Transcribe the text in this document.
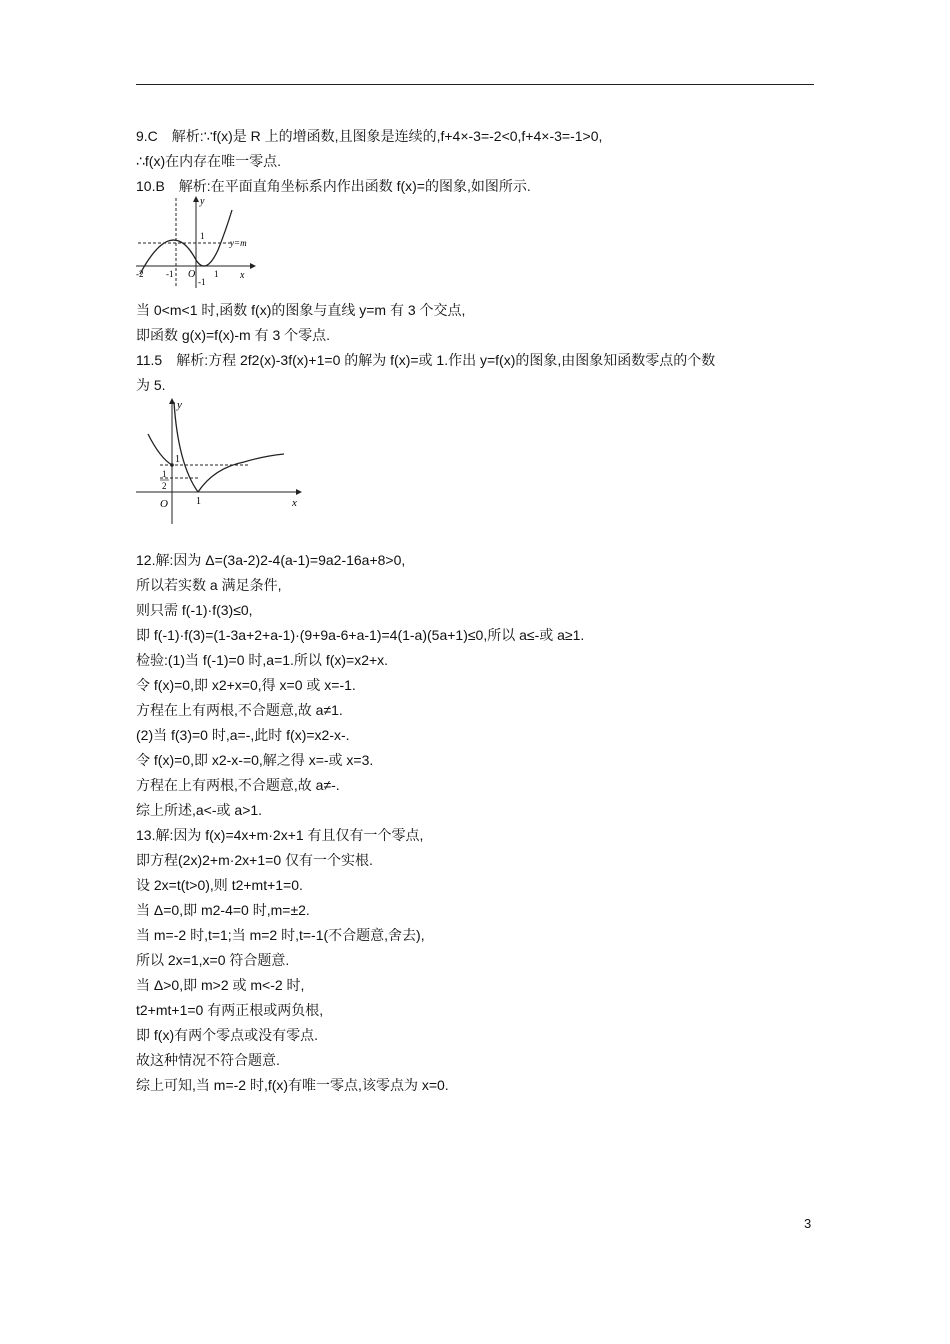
9.C　解析:∵f(x)是 R 上的增函数,且图象是连续的,f+4×-3=-2<0,f+4×-3=-1>0,
∴f(x)在内存在唯一零点.
10.B　解析:在平面直角坐标系内作出函数 f(x)=的图象,如图所示.
y
x
O
1
-1
-2	-1	1
y=m
当 0<m<1 时,函数 f(x)的图象与直线 y=m 有 3 个交点,
即函数 g(x)=f(x)-m 有 3 个零点.
11.5　解析:方程 2f2(x)-3f(x)+1=0 的解为 f(x)=或 1.作出 y=f(x)的图象,由图象知函数零点的个数
为 5.
y
x
O
1
1
2
1
12.解:因为 Δ=(3a-2)2-4(a-1)=9a2-16a+8>0,
所以若实数 a 满足条件,
则只需 f(-1)·f(3)≤0,
即 f(-1)·f(3)=(1-3a+2+a-1)·(9+9a-6+a-1)=4(1-a)(5a+1)≤0,所以 a≤-或 a≥1.
检验:(1)当 f(-1)=0 时,a=1.所以 f(x)=x2+x.
令 f(x)=0,即 x2+x=0,得 x=0 或 x=-1.
方程在上有两根,不合题意,故 a≠1.
(2)当 f(3)=0 时,a=-,此时 f(x)=x2-x-.
令 f(x)=0,即 x2-x-=0,解之得 x=-或 x=3.
方程在上有两根,不合题意,故 a≠-.
综上所述,a<-或 a>1.
13.解:因为 f(x)=4x+m·2x+1 有且仅有一个零点,
即方程(2x)2+m·2x+1=0 仅有一个实根.
设 2x=t(t>0),则 t2+mt+1=0.
当 Δ=0,即 m2-4=0 时,m=±2.
当 m=-2 时,t=1;当 m=2 时,t=-1(不合题意,舍去),
所以 2x=1,x=0 符合题意.
当 Δ>0,即 m>2 或 m<-2 时,
t2+mt+1=0 有两正根或两负根,
即 f(x)有两个零点或没有零点.
故这种情况不符合题意.
综上可知,当 m=-2 时,f(x)有唯一零点,该零点为 x=0.
3
